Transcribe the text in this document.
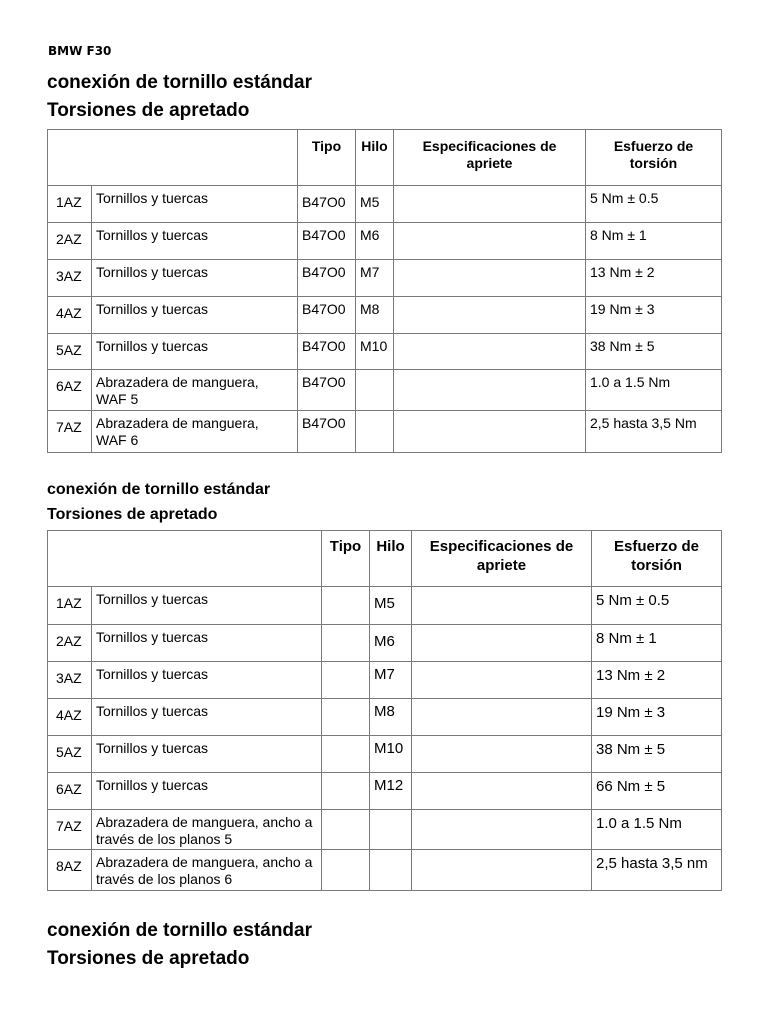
BMW F30
conexión de tornillo estándar
Torsiones de apretado
		Tipo	Hilo	Especificaciones de apriete	Esfuerzo de torsión
1AZ	Tornillos y tuercas	B47O0	M5		5 Nm ± 0.5
2AZ	Tornillos y tuercas	B47O0	M6		8 Nm ± 1
3AZ	Tornillos y tuercas	B47O0	M7		13 Nm ± 2
4AZ	Tornillos y tuercas	B47O0	M8		19 Nm ± 3
5AZ	Tornillos y tuercas	B47O0	M10		38 Nm ± 5
6AZ	Abrazadera de manguera, WAF 5	B47O0			1.0 a 1.5 Nm
7AZ	Abrazadera de manguera, WAF 6	B47O0			2,5 hasta 3,5 Nm
conexión de tornillo estándar
Torsiones de apretado
		Tipo	Hilo	Especificaciones de apriete	Esfuerzo de torsión
1AZ	Tornillos y tuercas		M5		5 Nm ± 0.5
2AZ	Tornillos y tuercas		M6		8 Nm ± 1
3AZ	Tornillos y tuercas		M7		13 Nm ± 2
4AZ	Tornillos y tuercas		M8		19 Nm ± 3
5AZ	Tornillos y tuercas		M10		38 Nm ± 5
6AZ	Tornillos y tuercas		M12		66 Nm ± 5
7AZ	Abrazadera de manguera, ancho a través de los planos 5				1.0 a 1.5 Nm
8AZ	Abrazadera de manguera, ancho a través de los planos 6				2,5 hasta 3,5 nm
conexión de tornillo estándar
Torsiones de apretado
